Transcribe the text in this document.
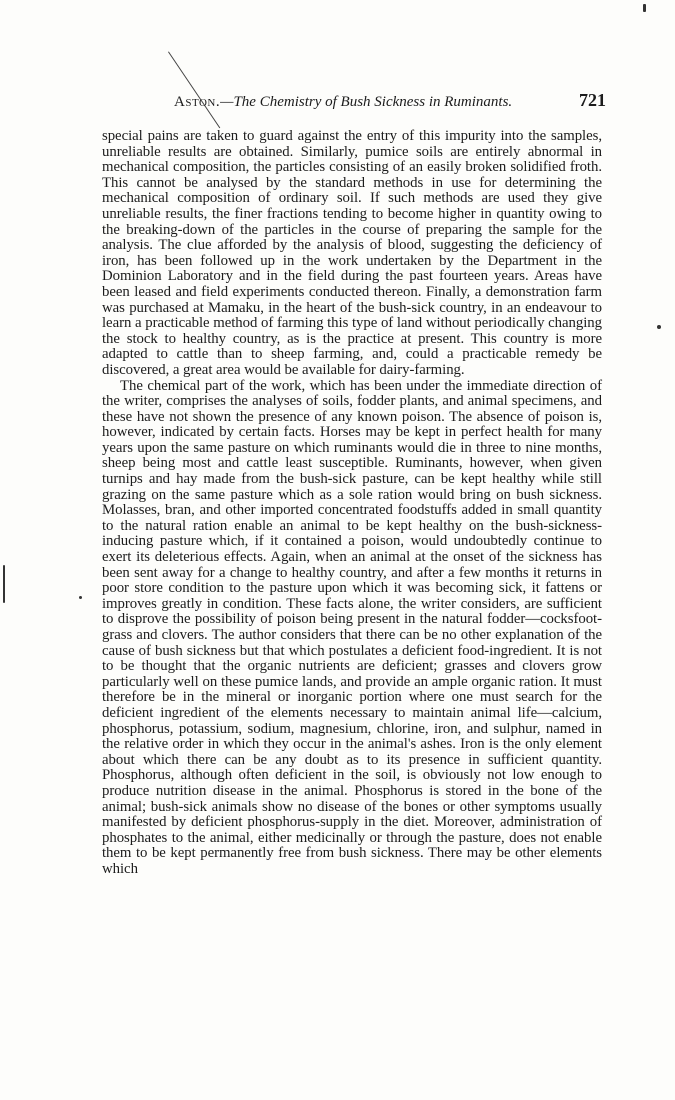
Aston.—The Chemistry of Bush Sickness in Ruminants.	721

special pains are taken to guard against the entry of this impurity into the samples, unreliable results are obtained. Similarly, pumice soils are entirely abnormal in mechanical composition, the particles consisting of an easily broken solidified froth. This cannot be analysed by the standard methods in use for determining the mechanical composition of ordinary soil. If such methods are used they give unreliable results, the finer fractions tending to become higher in quantity owing to the breaking-down of the particles in the course of preparing the sample for the analysis. The clue afforded by the analysis of blood, suggesting the deficiency of iron, has been followed up in the work undertaken by the Department in the Dominion Laboratory and in the field during the past fourteen years. Areas have been leased and field experiments conducted thereon. Finally, a demonstration farm was purchased at Mamaku, in the heart of the bush-sick country, in an endeavour to learn a practicable method of farming this type of land without periodically changing the stock to healthy country, as is the practice at present. This country is more adapted to cattle than to sheep farming, and, could a practicable remedy be discovered, a great area would be available for dairy-farming.

The chemical part of the work, which has been under the immediate direction of the writer, comprises the analyses of soils, fodder plants, and animal specimens, and these have not shown the presence of any known poison. The absence of poison is, however, indicated by certain facts. Horses may be kept in perfect health for many years upon the same pasture on which ruminants would die in three to nine months, sheep being most and cattle least susceptible. Ruminants, however, when given turnips and hay made from the bush-sick pasture, can be kept healthy while still grazing on the same pasture which as a sole ration would bring on bush sickness. Molasses, bran, and other imported concentrated foodstuffs added in small quantity to the natural ration enable an animal to be kept healthy on the bush-sickness-inducing pasture which, if it contained a poison, would undoubtedly continue to exert its deleterious effects. Again, when an animal at the onset of the sickness has been sent away for a change to healthy country, and after a few months it returns in poor store condition to the pasture upon which it was becoming sick, it fattens or improves greatly in condition. These facts alone, the writer considers, are sufficient to disprove the possibility of poison being present in the natural fodder—cocksfoot-grass and clovers. The author considers that there can be no other explanation of the cause of bush sickness but that which postulates a deficient food-ingredient. It is not to be thought that the organic nutrients are deficient; grasses and clovers grow particularly well on these pumice lands, and provide an ample organic ration. It must therefore be in the mineral or inorganic portion where one must search for the deficient ingredient of the elements necessary to maintain animal life—calcium, phosphorus, potassium, sodium, magnesium, chlorine, iron, and sulphur, named in the relative order in which they occur in the animal's ashes. Iron is the only element about which there can be any doubt as to its presence in sufficient quantity. Phosphorus, although often deficient in the soil, is obviously not low enough to produce nutrition disease in the animal. Phosphorus is stored in the bone of the animal; bush-sick animals show no disease of the bones or other symptoms usually manifested by deficient phosphorus-supply in the diet. Moreover, administration of phosphates to the animal, either medicinally or through the pasture, does not enable them to be kept permanently free from bush sickness. There may be other elements which
